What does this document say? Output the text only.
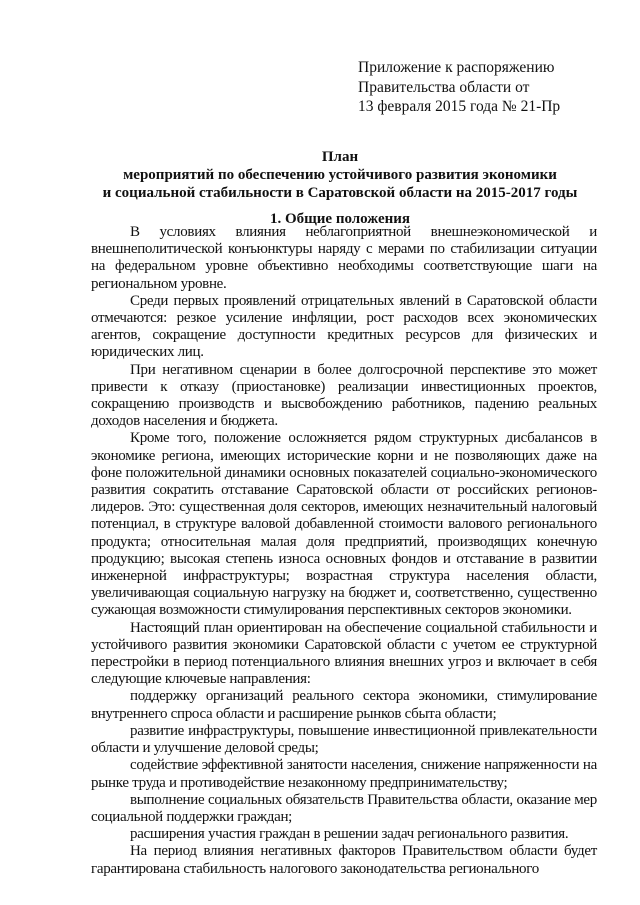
Приложение к распоряжению
Правительства области от
13 февраля 2015 года № 21-Пр
План
мероприятий по обеспечению устойчивого развития экономики
и социальной стабильности в Саратовской области на 2015-2017 годы
1. Общие положения

В условиях влияния неблагоприятной внешнеэкономической и внешнеполитической конъюнктуры наряду с мерами по стабилизации ситуации на федеральном уровне объективно необходимы соответствующие шаги на региональном уровне.

Среди первых проявлений отрицательных явлений в Саратовской области отмечаются: резкое усиление инфляции, рост расходов всех экономических агентов, сокращение доступности кредитных ресурсов для физических и юридических лиц.

При негативном сценарии в более долгосрочной перспективе это может привести к отказу (приостановке) реализации инвестиционных проектов, сокращению производств и высвобождению работников, падению реальных доходов населения и бюджета.

Кроме того, положение осложняется рядом структурных дисбалансов в экономике региона, имеющих исторические корни и не позволяющих даже на фоне положительной динамики основных показателей социально-экономического развития сократить отставание Саратовской области от российских регионов-лидеров. Это: существенная доля секторов, имеющих незначительный налоговый потенциал, в структуре валовой добавленной стоимости валового регионального продукта; относительная малая доля предприятий, производящих конечную продукцию; высокая степень износа основных фондов и отставание в развитии инженерной инфраструктуры; возрастная структура населения области, увеличивающая социальную нагрузку на бюджет и, соответственно, существенно сужающая возможности стимулирования перспективных секторов экономики.

Настоящий план ориентирован на обеспечение социальной стабильности и устойчивого развития экономики Саратовской области с учетом ее структурной перестройки в период потенциального влияния внешних угроз и включает в себя следующие ключевые направления:

поддержку организаций реального сектора экономики, стимулирование внутреннего спроса области и расширение рынков сбыта области;

развитие инфраструктуры, повышение инвестиционной привлекательности области и улучшение деловой среды;

содействие эффективной занятости населения, снижение напряженности на рынке труда и противодействие незаконному предпринимательству;

выполнение социальных обязательств Правительства области, оказание мер социальной поддержки граждан;

расширения участия граждан в решении задач регионального развития.

На период влияния негативных факторов Правительством области будет гарантирована стабильность налогового законодательства регионального
